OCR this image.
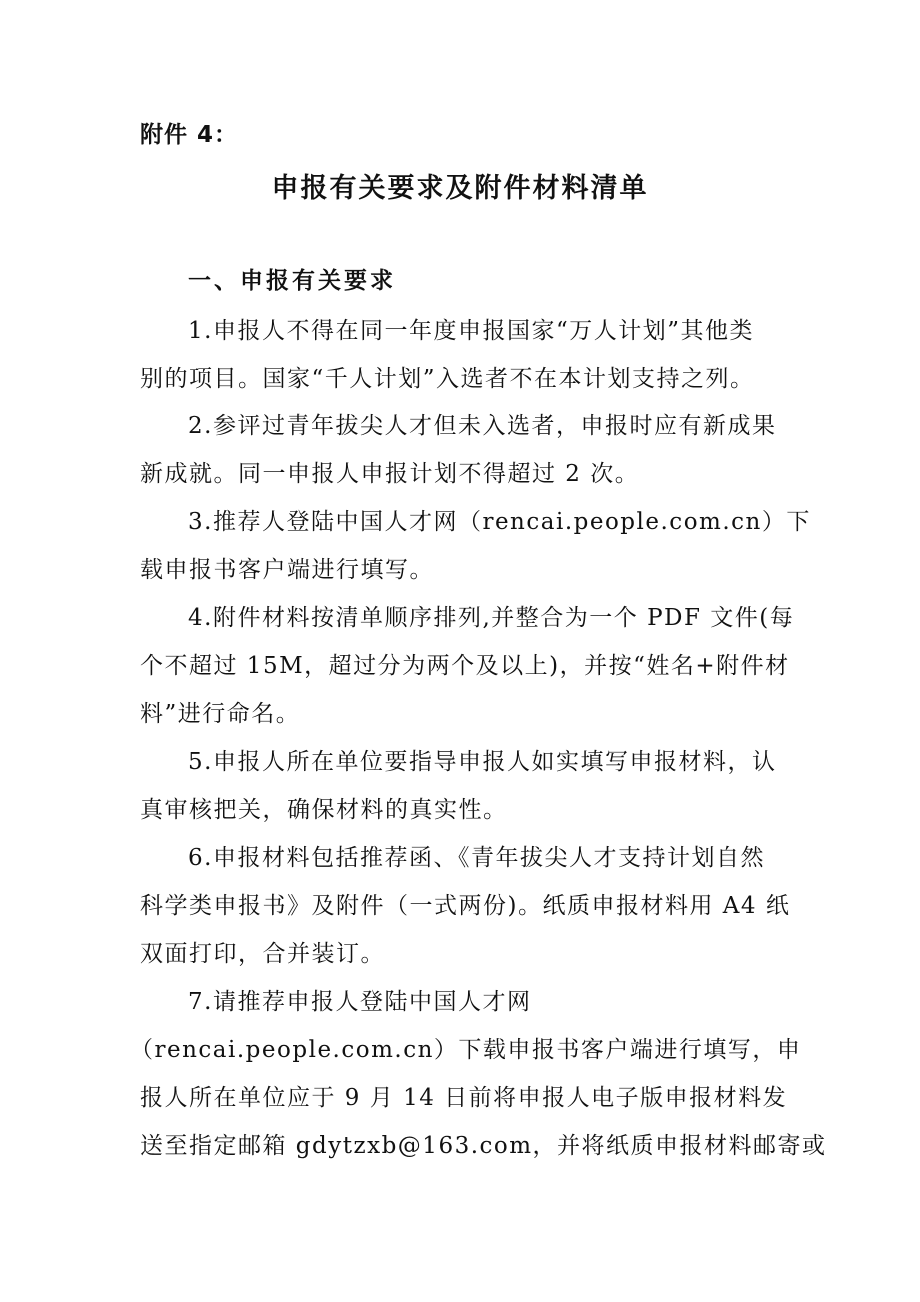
附件 4：
申报有关要求及附件材料清单
一、申报有关要求
1.申报人不得在同一年度申报国家“万人计划”其他类
别的项目。国家“千人计划”入选者不在本计划支持之列。
2.参评过青年拔尖人才但未入选者，申报时应有新成果
新成就。同一申报人申报计划不得超过 2 次。
3.推荐人登陆中国人才网（rencai.people.com.cn）下
载申报书客户端进行填写。
4.附件材料按清单顺序排列,并整合为一个 PDF 文件(每
个不超过 15M，超过分为两个及以上)，并按“姓名+附件材
料”进行命名。
5.申报人所在单位要指导申报人如实填写申报材料，认
真审核把关，确保材料的真实性。
6.申报材料包括推荐函、《青年拔尖人才支持计划自然
科学类申报书》及附件（一式两份)。纸质申报材料用 A4 纸
双面打印，合并装订。
7.请推荐申报人登陆中国人才网
（rencai.people.com.cn）下载申报书客户端进行填写，申
报人所在单位应于 9 月 14 日前将申报人电子版申报材料发
送至指定邮箱 gdytzxb@163.com，并将纸质申报材料邮寄或
